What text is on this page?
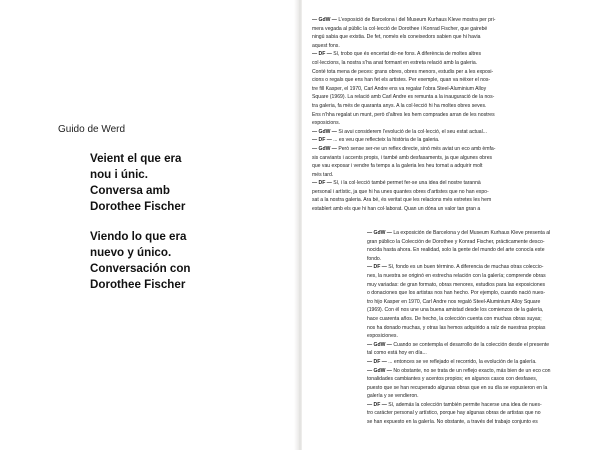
Guido de Werd
Veient el que era
nou i únic.
Conversa amb
Dorothee Fischer
Viendo lo que era
nuevo y único.
Conversación con
Dorothee Fischer
— GdW — L’exposició de Barcelona i del Museum Kurhaus Kleve mostra per pri-
mera vegada al públic la col·lecció de Dorothee i Konrad Fischer, que gairebé
ningú sabia que existia. De fet, només els coneixedors sabien que hi havia
aquest fons.
— DF — Sí, trobo que és encertat dir-ne fons. A diferència de moltes altres
col·leccions, la nostra s’ha anat formant en estreta relació amb la galeria.
Conté tota mena de peces: grans obres, obres menors, estudis per a les exposi-
cions o regals que ens han fet els artistes. Per exemple, quan va néixer el nos-
tre fill Kasper, el 1970, Carl Andre ens va regalar l’obra Steel-Aluminium Alloy
Square (1969). La relació amb Carl Andre es remunta a la inauguració de la nos-
tra galeria, fa més de quaranta anys. A la col·lecció hi ha moltes obres seves.
Ens n’hha regalat un munt, però d’altres les hem comprades arran de les nostres
exposicions.
— GdW — Si avui considerem l’evolució de la col·lecció, el seu estat actual...
— DF — ... es veu que reflecteix la història de la galeria.
— GdW — Però sense ser-ne un reflex directe, sinó més aviat un eco amb èmfa-
sis canviants i accents propis, i també amb desfasaments, ja que algunes obres
que vau exposar i vendre fa temps a la galeria les heu tornat a adquirir molt
més tard.
— DF — Sí, i la col·lecció també permet fer-se una idea del nostre tarannà
personal i artístic, ja que hi ha unes quantes obres d’artistes que no han expo-
sat a la nostra galeria. Ara bé, és veritat que les relacions més estretes les hem
establert amb els que hi han col·laborat. Quan un dóna un valor tan gran a
— GdW — La exposición de Barcelona y del Museum Kurhaus Kleve presenta al
gran público la Colección de Dorothee y Konrad Fischer, prácticamente desco-
nocida hasta ahora. En realidad, solo la gente del mundo del arte conocía este
fondo.
— DF — Sí, fondo es un buen término. A diferencia de muchas otras coleccio-
nes, la nuestra se originó en estrecha relación con la galería; comprende obras
muy variadas: de gran formato, obras menores, estudios para las exposiciones
o donaciones que los artistas nos han hecho. Por ejemplo, cuando nació nues-
tro hijo Kasper en 1970, Carl Andre nos regaló Steel-Aluminium Alloy Square
(1969). Con él nos une una buena amistad desde los comienzos de la galería,
hace cuarenta años. De hecho, la colección cuenta con muchas obras suyas;
nos ha donado muchas, y otras las hemos adquirido a raíz de nuestras propias
exposiciones.
— GdW — Cuando se contempla el desarrollo de la colección desde el presente
tal como está hoy en día...
— DF — ... entonces se ve reflejado el recorrido, la evolución de la galería.
— GdW — No obstante, no se trata de un reflejo exacto, más bien de un eco con
tonalidades cambiantes y acentos propios; en algunos casos con desfases,
puesto que se han recuperado algunas obras que en su día se expusieron en la
galería y se vendieron.
— DF — Sí, además la colección también permite hacerse una idea de nues-
tro carácter personal y artístico, porque hay algunas obras de artistas que no
se han expuesto en la galería. No obstante, a través del trabajo conjunto es
